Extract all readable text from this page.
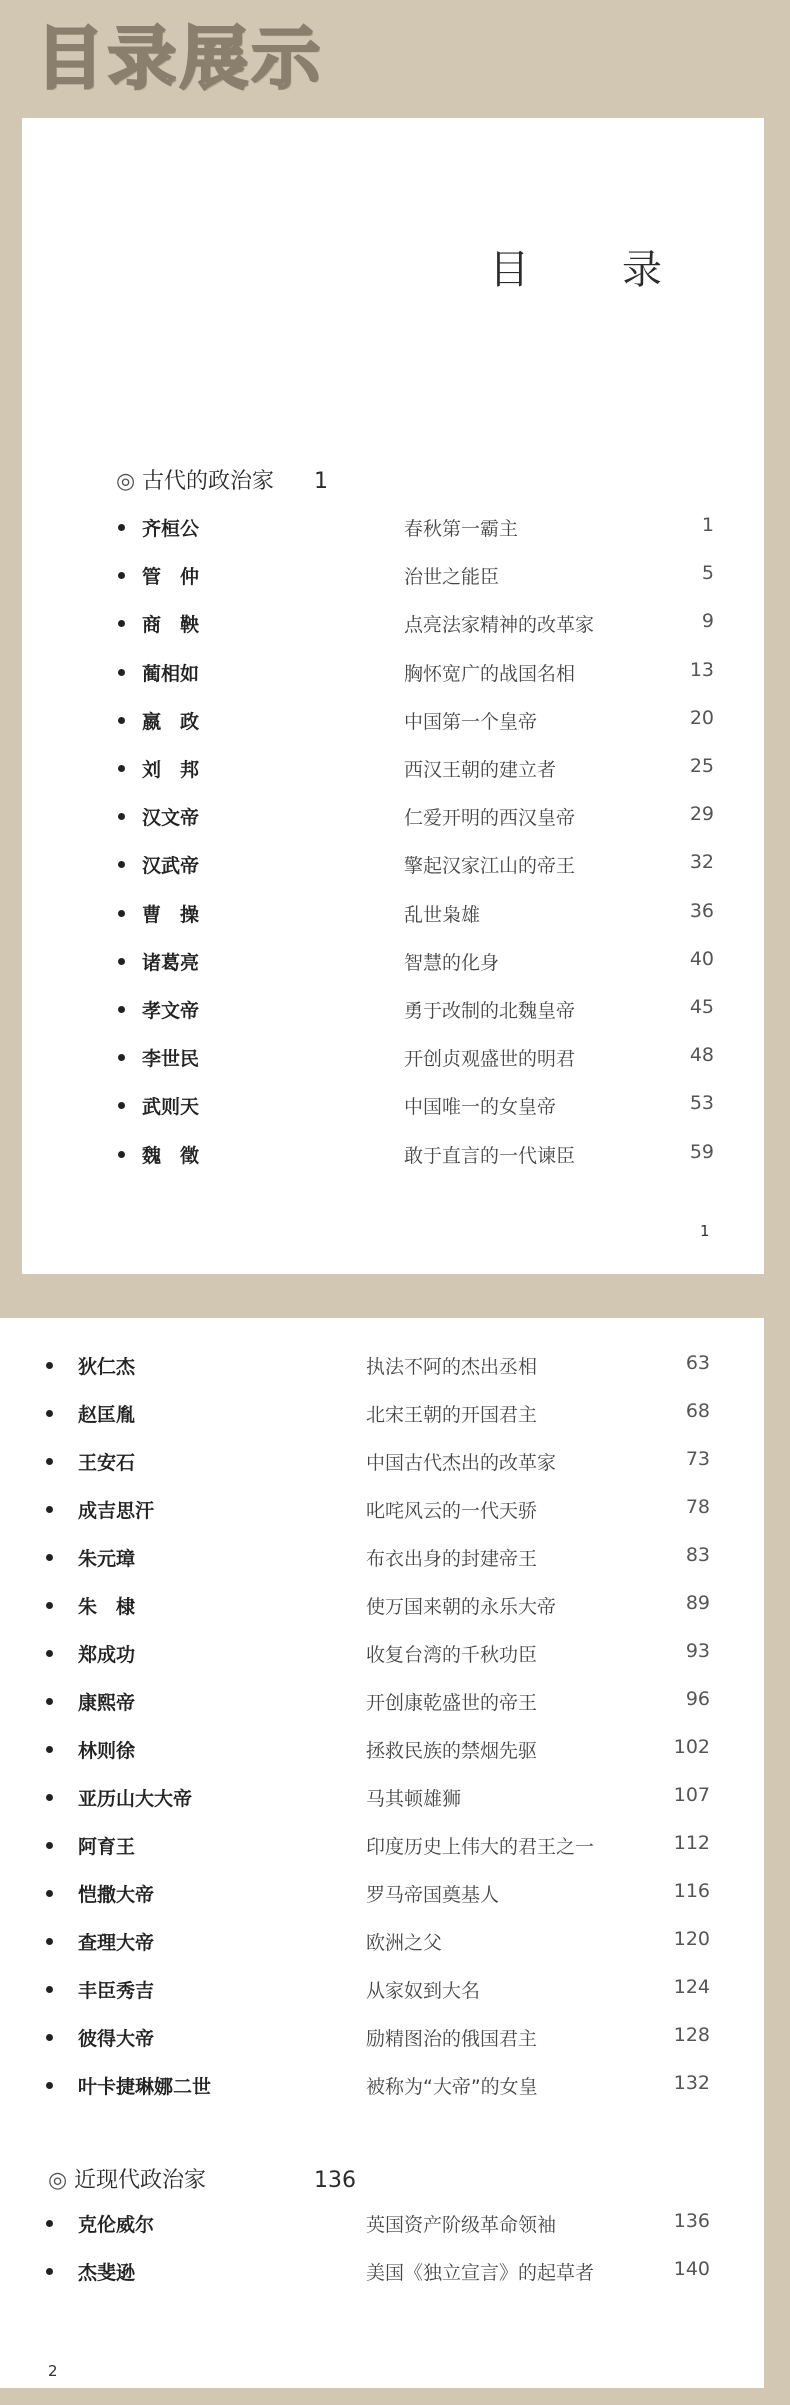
目录展示
目 录
◎ 古代的政治家 1
齐桓公	春秋第一霸主	1
管　仲	治世之能臣	5
商　鞅	点亮法家精神的改革家	9
蔺相如	胸怀宽广的战国名相	13
嬴　政	中国第一个皇帝	20
刘　邦	西汉王朝的建立者	25
汉文帝	仁爱开明的西汉皇帝	29
汉武帝	擎起汉家江山的帝王	32
曹　操	乱世枭雄	36
诸葛亮	智慧的化身	40
孝文帝	勇于改制的北魏皇帝	45
李世民	开创贞观盛世的明君	48
武则天	中国唯一的女皇帝	53
魏　徵	敢于直言的一代谏臣	59
1
狄仁杰	执法不阿的杰出丞相	63
赵匡胤	北宋王朝的开国君主	68
王安石	中国古代杰出的改革家	73
成吉思汗	叱咤风云的一代天骄	78
朱元璋	布衣出身的封建帝王	83
朱　棣	使万国来朝的永乐大帝	89
郑成功	收复台湾的千秋功臣	93
康熙帝	开创康乾盛世的帝王	96
林则徐	拯救民族的禁烟先驱	102
亚历山大大帝	马其顿雄狮	107
阿育王	印度历史上伟大的君王之一	112
恺撒大帝	罗马帝国奠基人	116
查理大帝	欧洲之父	120
丰臣秀吉	从家奴到大名	124
彼得大帝	励精图治的俄国君主	128
叶卡捷琳娜二世	被称为“大帝”的女皇	132
◎ 近现代政治家	136
克伦威尔	英国资产阶级革命领袖	136
杰斐逊	美国《独立宣言》的起草者	140
2
